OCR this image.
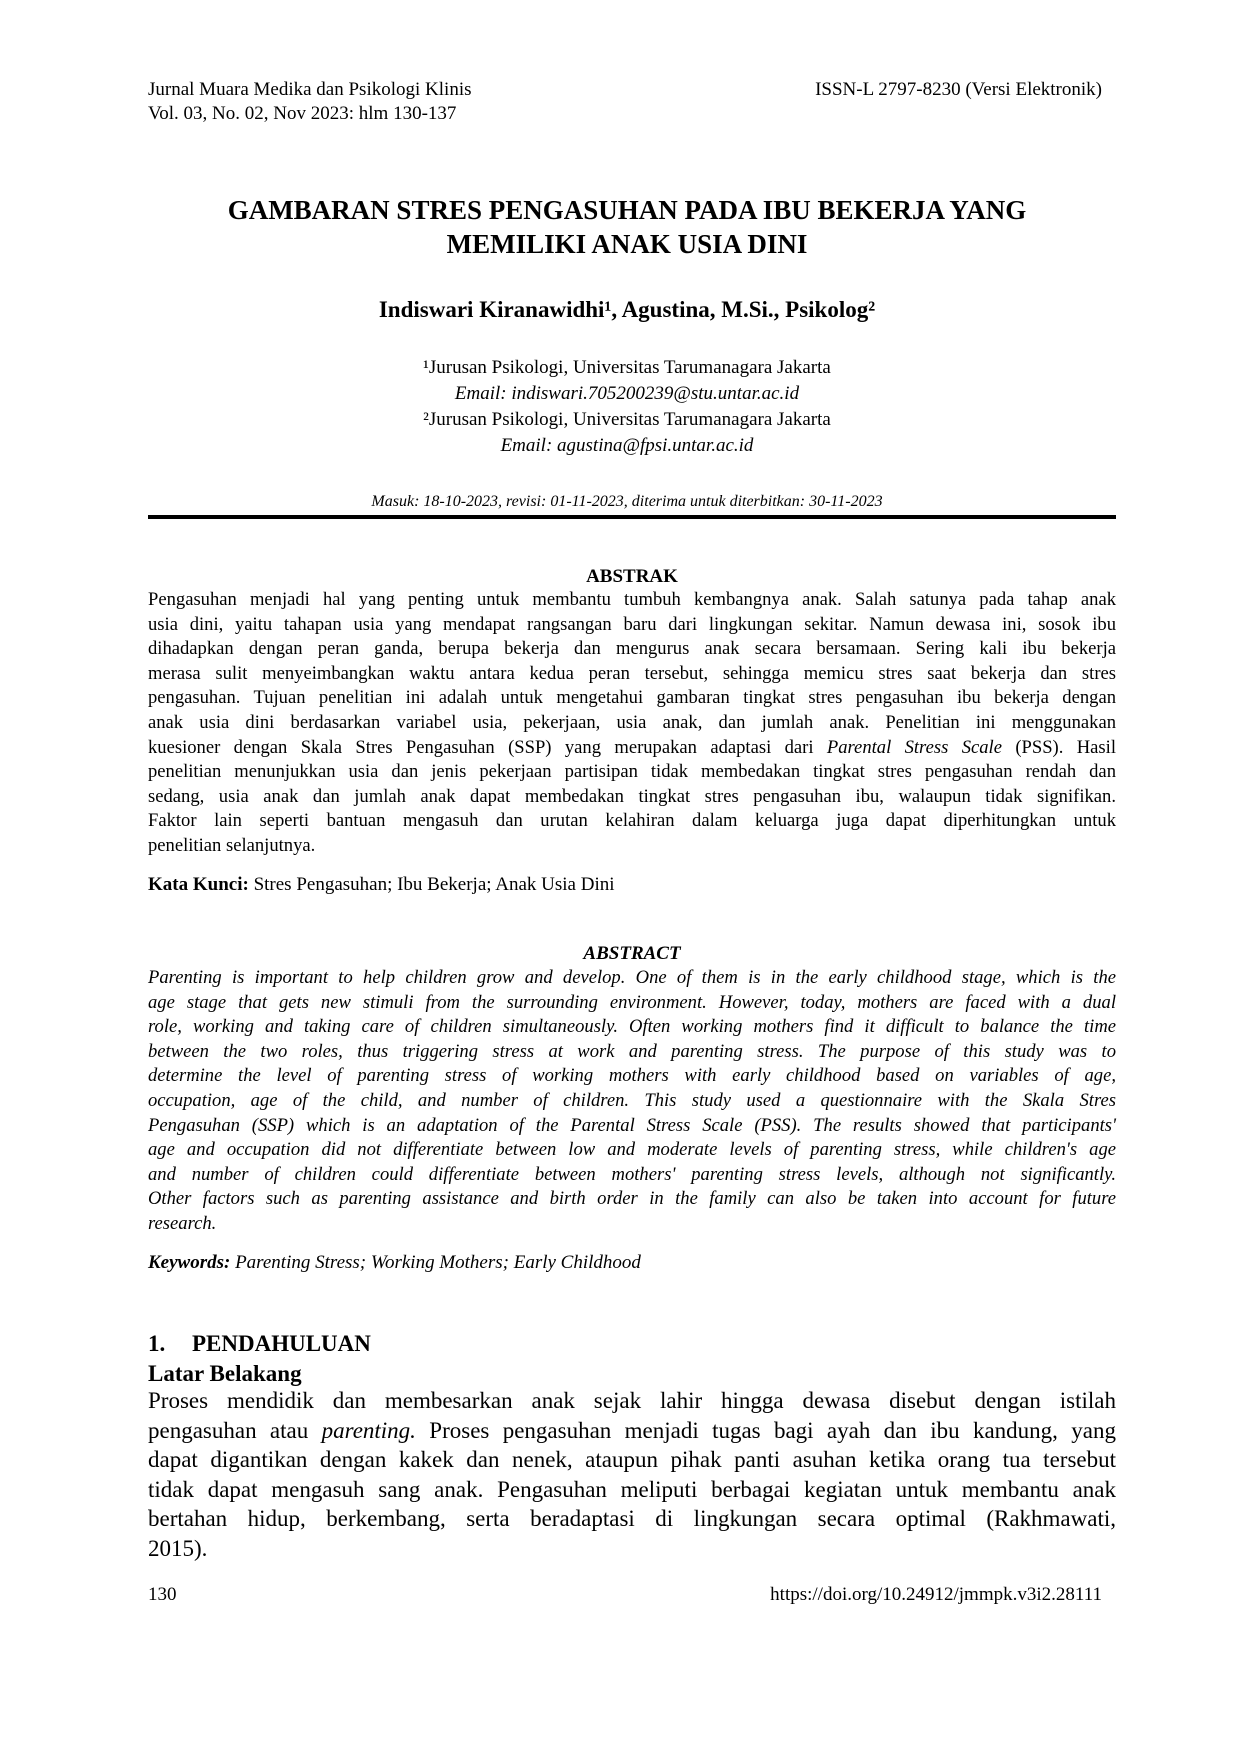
Jurnal Muara Medika dan Psikologi Klinis
Vol. 03, No. 02, Nov 2023: hlm 130-137
ISSN-L 2797-8230 (Versi Elektronik)
GAMBARAN STRES PENGASUHAN PADA IBU BEKERJA YANG
MEMILIKI ANAK USIA DINI
Indiswari Kiranawidhi¹, Agustina, M.Si., Psikolog²
¹Jurusan Psikologi, Universitas Tarumanagara Jakarta
Email: indiswari.705200239@stu.untar.ac.id
²Jurusan Psikologi, Universitas Tarumanagara Jakarta
Email: agustina@fpsi.untar.ac.id
Masuk: 18-10-2023, revisi: 01-11-2023, diterima untuk diterbitkan: 30-11-2023
ABSTRAK
Pengasuhan menjadi hal yang penting untuk membantu tumbuh kembangnya anak. Salah satunya pada tahap anak
usia dini, yaitu tahapan usia yang mendapat rangsangan baru dari lingkungan sekitar. Namun dewasa ini, sosok ibu
dihadapkan dengan peran ganda, berupa bekerja dan mengurus anak secara bersamaan. Sering kali ibu bekerja
merasa sulit menyeimbangkan waktu antara kedua peran tersebut, sehingga memicu stres saat bekerja dan stres
pengasuhan. Tujuan penelitian ini adalah untuk mengetahui gambaran tingkat stres pengasuhan ibu bekerja dengan
anak usia dini berdasarkan variabel usia, pekerjaan, usia anak, dan jumlah anak. Penelitian ini menggunakan
kuesioner dengan Skala Stres Pengasuhan (SSP) yang merupakan adaptasi dari Parental Stress Scale (PSS). Hasil
penelitian menunjukkan usia dan jenis pekerjaan partisipan tidak membedakan tingkat stres pengasuhan rendah dan
sedang, usia anak dan jumlah anak dapat membedakan tingkat stres pengasuhan ibu, walaupun tidak signifikan.
Faktor lain seperti bantuan mengasuh dan urutan kelahiran dalam keluarga juga dapat diperhitungkan untuk
penelitian selanjutnya.
Kata Kunci: Stres Pengasuhan; Ibu Bekerja; Anak Usia Dini
ABSTRACT
Parenting is important to help children grow and develop. One of them is in the early childhood stage, which is the
age stage that gets new stimuli from the surrounding environment. However, today, mothers are faced with a dual
role, working and taking care of children simultaneously. Often working mothers find it difficult to balance the time
between the two roles, thus triggering stress at work and parenting stress. The purpose of this study was to
determine the level of parenting stress of working mothers with early childhood based on variables of age,
occupation, age of the child, and number of children. This study used a questionnaire with the Skala Stres
Pengasuhan (SSP) which is an adaptation of the Parental Stress Scale (PSS). The results showed that participants'
age and occupation did not differentiate between low and moderate levels of parenting stress, while children's age
and number of children could differentiate between mothers' parenting stress levels, although not significantly.
Other factors such as parenting assistance and birth order in the family can also be taken into account for future
research.
Keywords: Parenting Stress; Working Mothers; Early Childhood
1. PENDAHULUAN
Latar Belakang
Proses mendidik dan membesarkan anak sejak lahir hingga dewasa disebut dengan istilah
pengasuhan atau parenting. Proses pengasuhan menjadi tugas bagi ayah dan ibu kandung, yang
dapat digantikan dengan kakek dan nenek, ataupun pihak panti asuhan ketika orang tua tersebut
tidak dapat mengasuh sang anak. Pengasuhan meliputi berbagai kegiatan untuk membantu anak
bertahan hidup, berkembang, serta beradaptasi di lingkungan secara optimal (Rakhmawati,
2015).
130	https://doi.org/10.24912/jmmpk.v3i2.28111
